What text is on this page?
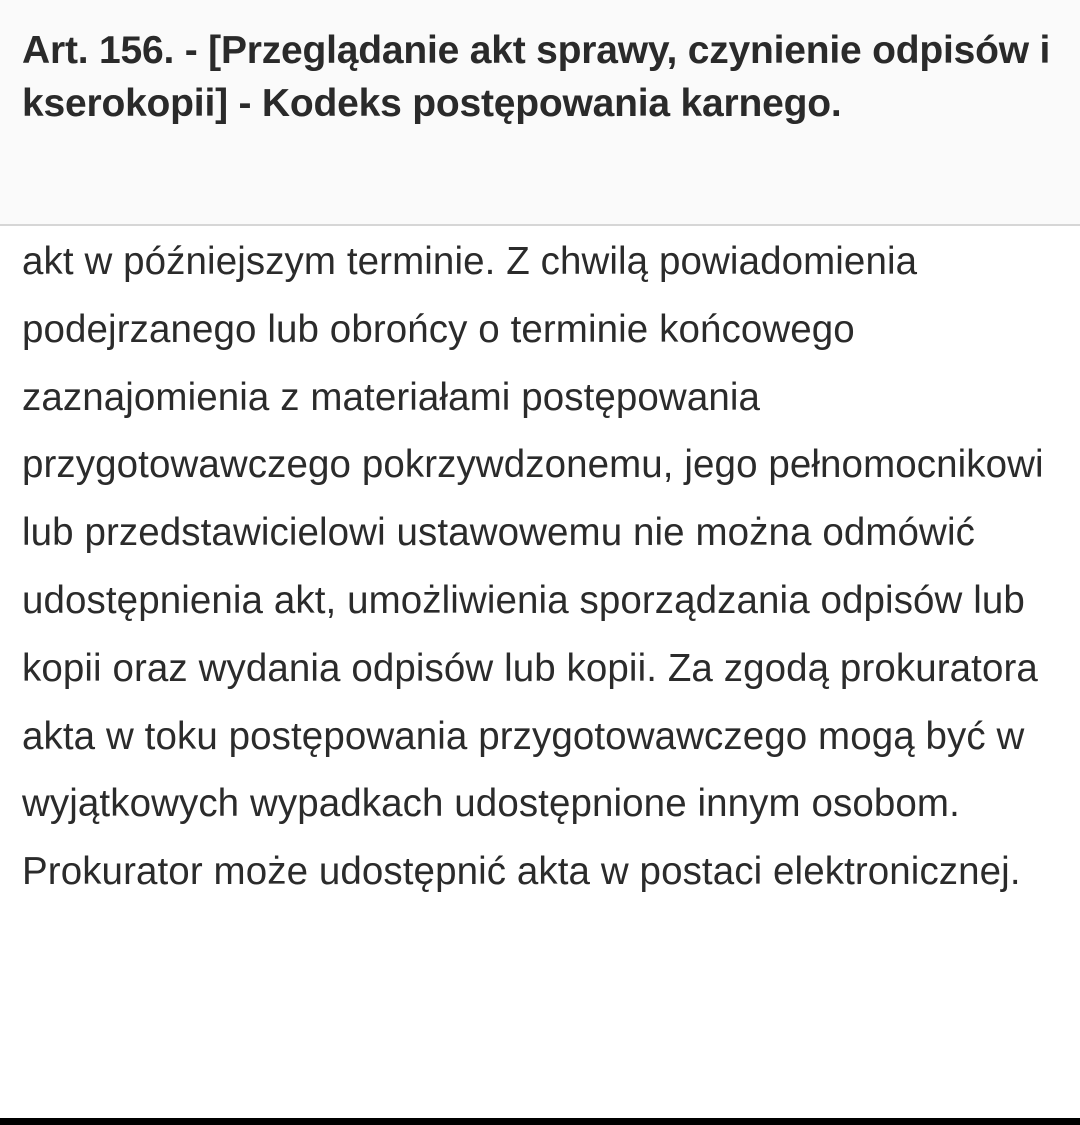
Art. 156. - [Przeglądanie akt sprawy, czynienie odpisów i kserokopii] - Kodeks postępowania karnego.

akt w późniejszym terminie. Z chwilą powiadomienia podejrzanego lub obrońcy o terminie końcowego zaznajomienia z materiałami postępowania przygotowawczego pokrzywdzonemu, jego pełnomocnikowi lub przedstawicielowi ustawowemu nie można odmówić udostępnienia akt, umożliwienia sporządzania odpisów lub kopii oraz wydania odpisów lub kopii. Za zgodą prokuratora akta w toku postępowania przygotowawczego mogą być w wyjątkowych wypadkach udostępnione innym osobom. Prokurator może udostępnić akta w postaci elektronicznej.
